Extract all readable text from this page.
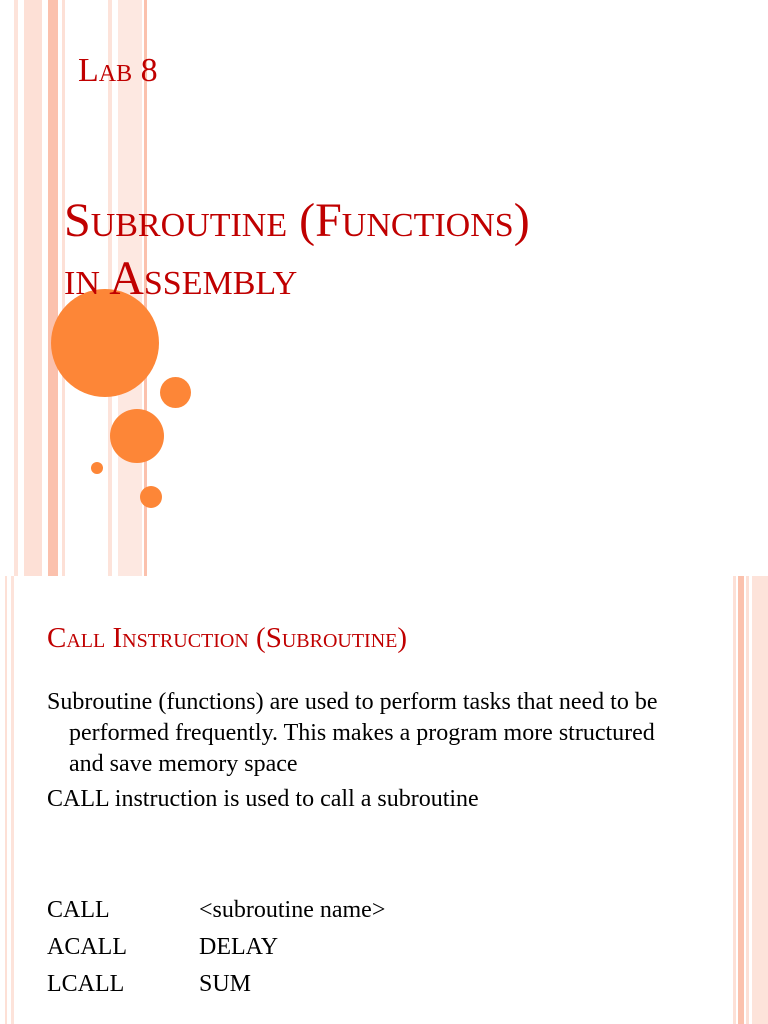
Lab 8
Subroutine (Functions)
in Assembly
Call Instruction (Subroutine)

Subroutine (functions) are used to perform tasks that need to be performed frequently. This makes a program more structured and save memory space

CALL instruction is used to call a subroutine

CALL	<subroutine name>
ACALL	DELAY
LCALL	SUM
